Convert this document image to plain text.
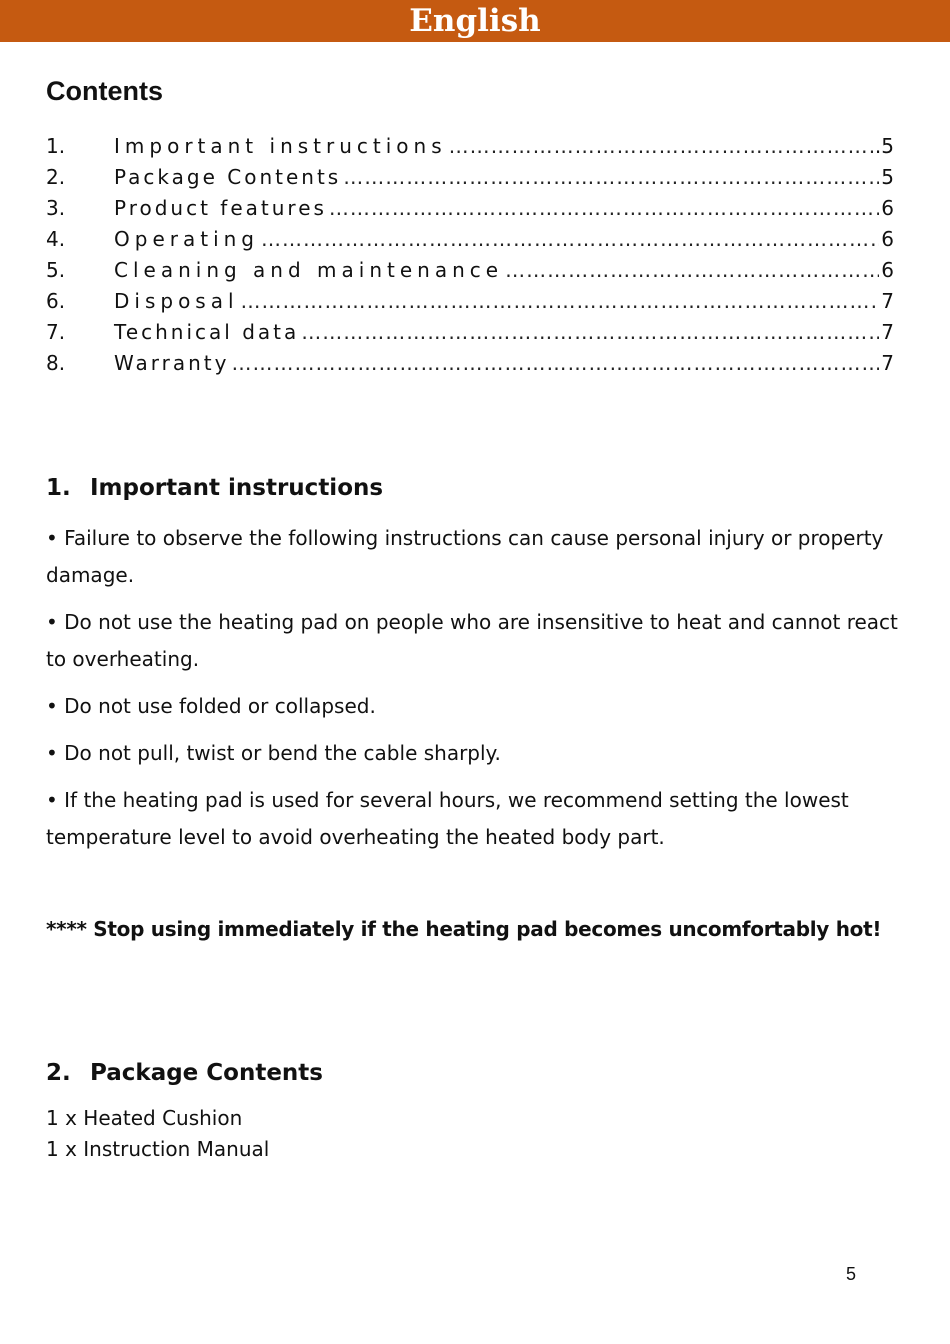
English
Contents
1.	Important instructions ……………………………………………………………………………………………………………………………………………………………………	.5
2.	Package Contents ……………………………………………………………………………………………………………………………………………………………………	5
3.	Product features ……………………………………………………………………………………………………………………………………………………………………	6
4.	Operating ……………………………………………………………………………………………………………………………………………………………………	6
5.	Cleaning and maintenance ……………………………………………………………………………………………………………………………………………………………………	6
6.	Disposal ……………………………………………………………………………………………………………………………………………………………………	7
7.	Technical data ……………………………………………………………………………………………………………………………………………………………………	7
8.	Warranty ……………………………………………………………………………………………………………………………………………………………………	7
1. Important instructions
• Failure to observe the following instructions can cause personal injury or property damage.
• Do not use the heating pad on people who are insensitive to heat and cannot react to overheating.
• Do not use folded or collapsed.
• Do not pull, twist or bend the cable sharply.
• If the heating pad is used for several hours, we recommend setting the lowest temperature level to avoid overheating the heated body part.
**** Stop using immediately if the heating pad becomes uncomfortably hot!
2. Package Contents
1 x Heated Cushion
1 x Instruction Manual
5
